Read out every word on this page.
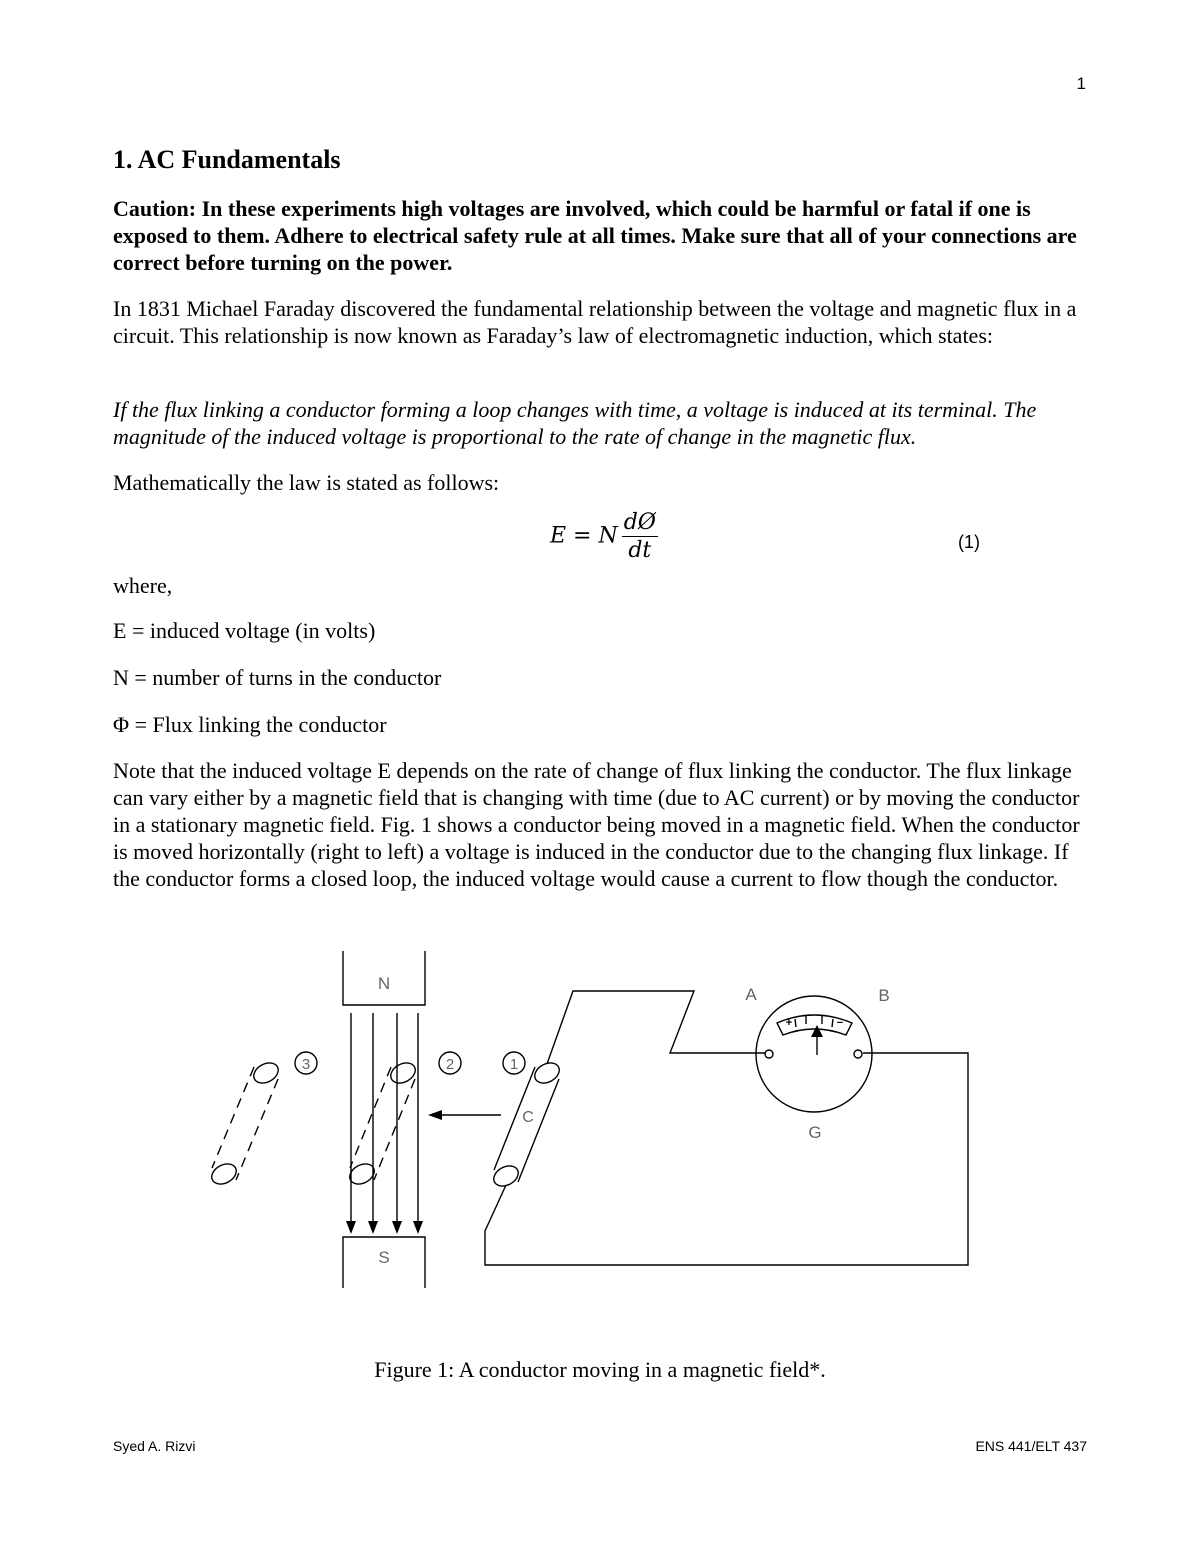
1
1. AC Fundamentals

Caution: In these experiments high voltages are involved, which could be harmful or fatal if one is exposed to them. Adhere to electrical safety rule at all times. Make sure that all of your connections are correct before turning on the power.

In 1831 Michael Faraday discovered the fundamental relationship between the voltage and magnetic flux in a circuit. This relationship is now known as Faraday’s law of electromagnetic induction, which states:

If the flux linking a conductor forming a loop changes with time, a voltage is induced at its terminal. The magnitude of the induced voltage is proportional to the rate of change in the magnetic flux.

Mathematically the law is stated as follows:

E = N $\frac{dØ}{dt}$	(1)

where,

E = induced voltage (in volts)

N = number of turns in the conductor

Φ = Flux linking the conductor

Note that the induced voltage E depends on the rate of change of flux linking the conductor. The flux linkage can vary either by a magnetic field that is changing with time (due to AC current) or by moving the conductor in a stationary magnetic field. Fig. 1 shows a conductor being moved in a magnetic field. When the conductor is moved horizontally (right to left) a voltage is induced in the conductor due to the changing flux linkage. If the conductor forms a closed loop, the induced voltage would cause a current to flow though the conductor.

N
S
C
3	2	1
+	−
A	B
G
Figure 1: A conductor moving in a magnetic field*.
Syed A. Rizvi	ENS 441/ELT 437
